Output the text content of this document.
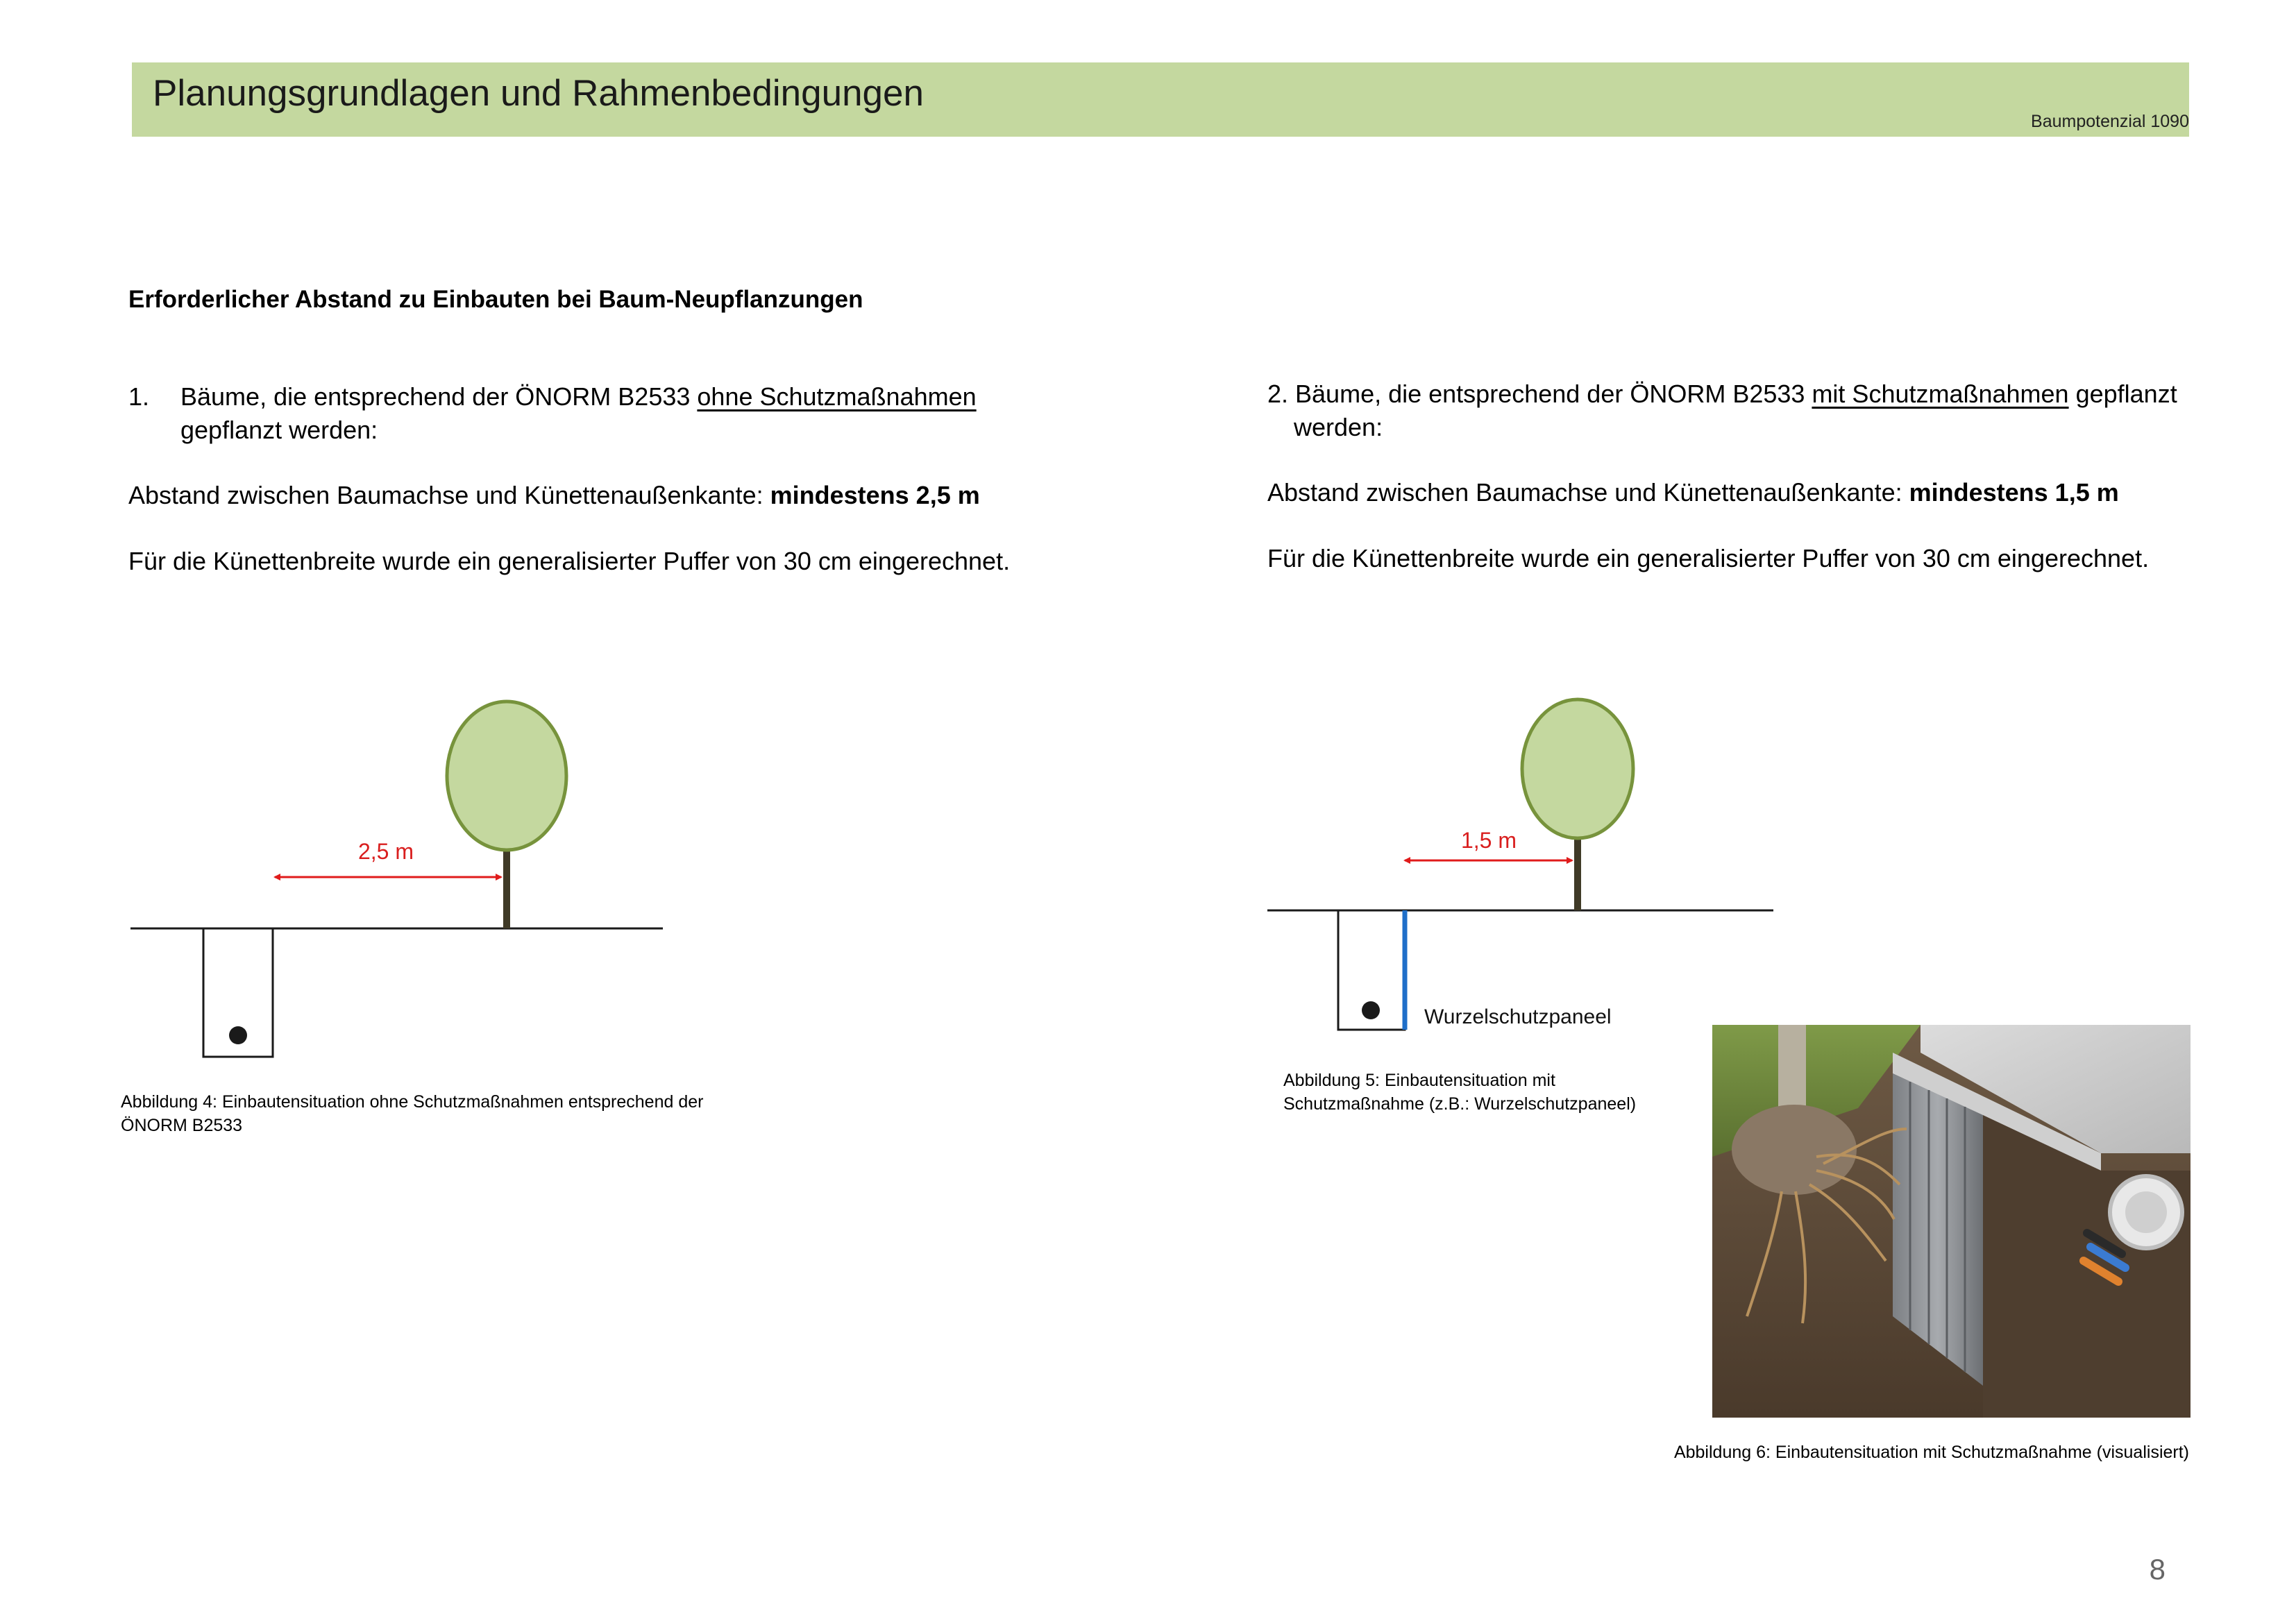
Planungsgrundlagen und Rahmenbedingungen
Baumpotenzial 1090
Erforderlicher Abstand zu Einbauten bei Baum-Neupflanzungen
1. Bäume, die entsprechend der ÖNORM B2533 ohne Schutzmaßnahmen
gepflanzt werden:
Abstand zwischen Baumachse und Künettenaußenkante: mindestens 2,5 m
Für die Künettenbreite wurde ein generalisierter Puffer von 30 cm eingerechnet.
2. Bäume, die entsprechend der ÖNORM B2533 mit Schutzmaßnahmen gepflanzt
werden:
Abstand zwischen Baumachse und Künettenaußenkante: mindestens 1,5 m
Für die Künettenbreite wurde ein generalisierter Puffer von 30 cm eingerechnet.
2,5 m	1,5 m
Wurzelschutzpaneel
Abbildung 4: Einbautensituation ohne Schutzmaßnahmen entsprechend der
ÖNORM B2533
Abbildung 5: Einbautensituation mit
Schutzmaßnahme (z.B.: Wurzelschutzpaneel)
Abbildung 6: Einbautensituation mit Schutzmaßnahme (visualisiert)
8
